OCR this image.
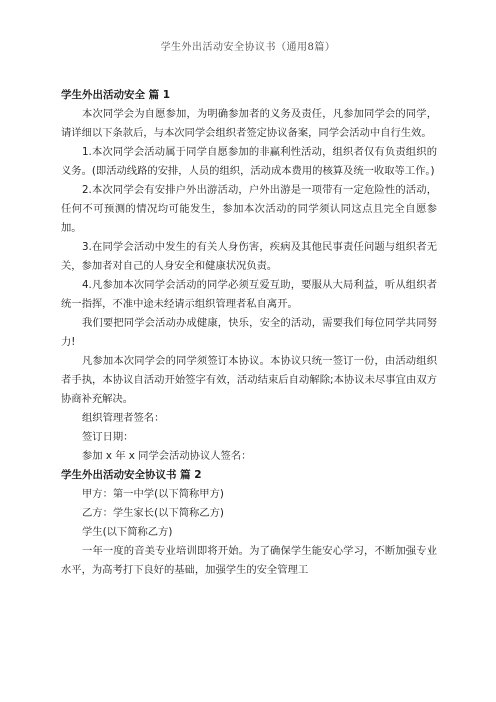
学生外出活动安全协议书（通用8篇）
学生外出活动安全 篇 1

本次同学会为自愿参加，为明确参加者的义务及责任，凡参加同学会的同学，请详细以下条款后，与本次同学会组织者签定协议备案，同学会活动中自行生效。

1.本次同学会活动属于同学自愿参加的非赢利性活动，组织者仅有负责组织的义务。(即活动线路的安排，人员的组织，活动成本费用的核算及统一收取等工作。)

2.本次同学会有安排户外出游活动，户外出游是一项带有一定危险性的活动，任何不可预测的情况均可能发生，参加本次活动的同学须认同这点且完全自愿参加。

3.在同学会活动中发生的有关人身伤害，疾病及其他民事责任问题与组织者无关，参加者对自己的人身安全和健康状况负责。

4.凡参加本次同学会活动的同学必须互爱互助，要服从大局利益，听从组织者统一指挥，不准中途未经请示组织管理者私自离开。

我们要把同学会活动办成健康，快乐，安全的活动，需要我们每位同学共同努力!

凡参加本次同学会的同学须签订本协议。本协议只统一签订一份，由活动组织者手执，本协议自活动开始签字有效，活动结束后自动解除;本协议未尽事宜由双方协商补充解决。

组织管理者签名：

签订日期：

参加 x 年 x 同学会活动协议人签名：

学生外出活动安全协议书 篇 2

甲方：第一中学(以下简称甲方)

乙方：学生家长(以下简称乙方)

学生(以下简称乙方)

一年一度的音美专业培训即将开始。为了确保学生能安心学习，不断加强专业水平，为高考打下良好的基础，加强学生的安全管理工
